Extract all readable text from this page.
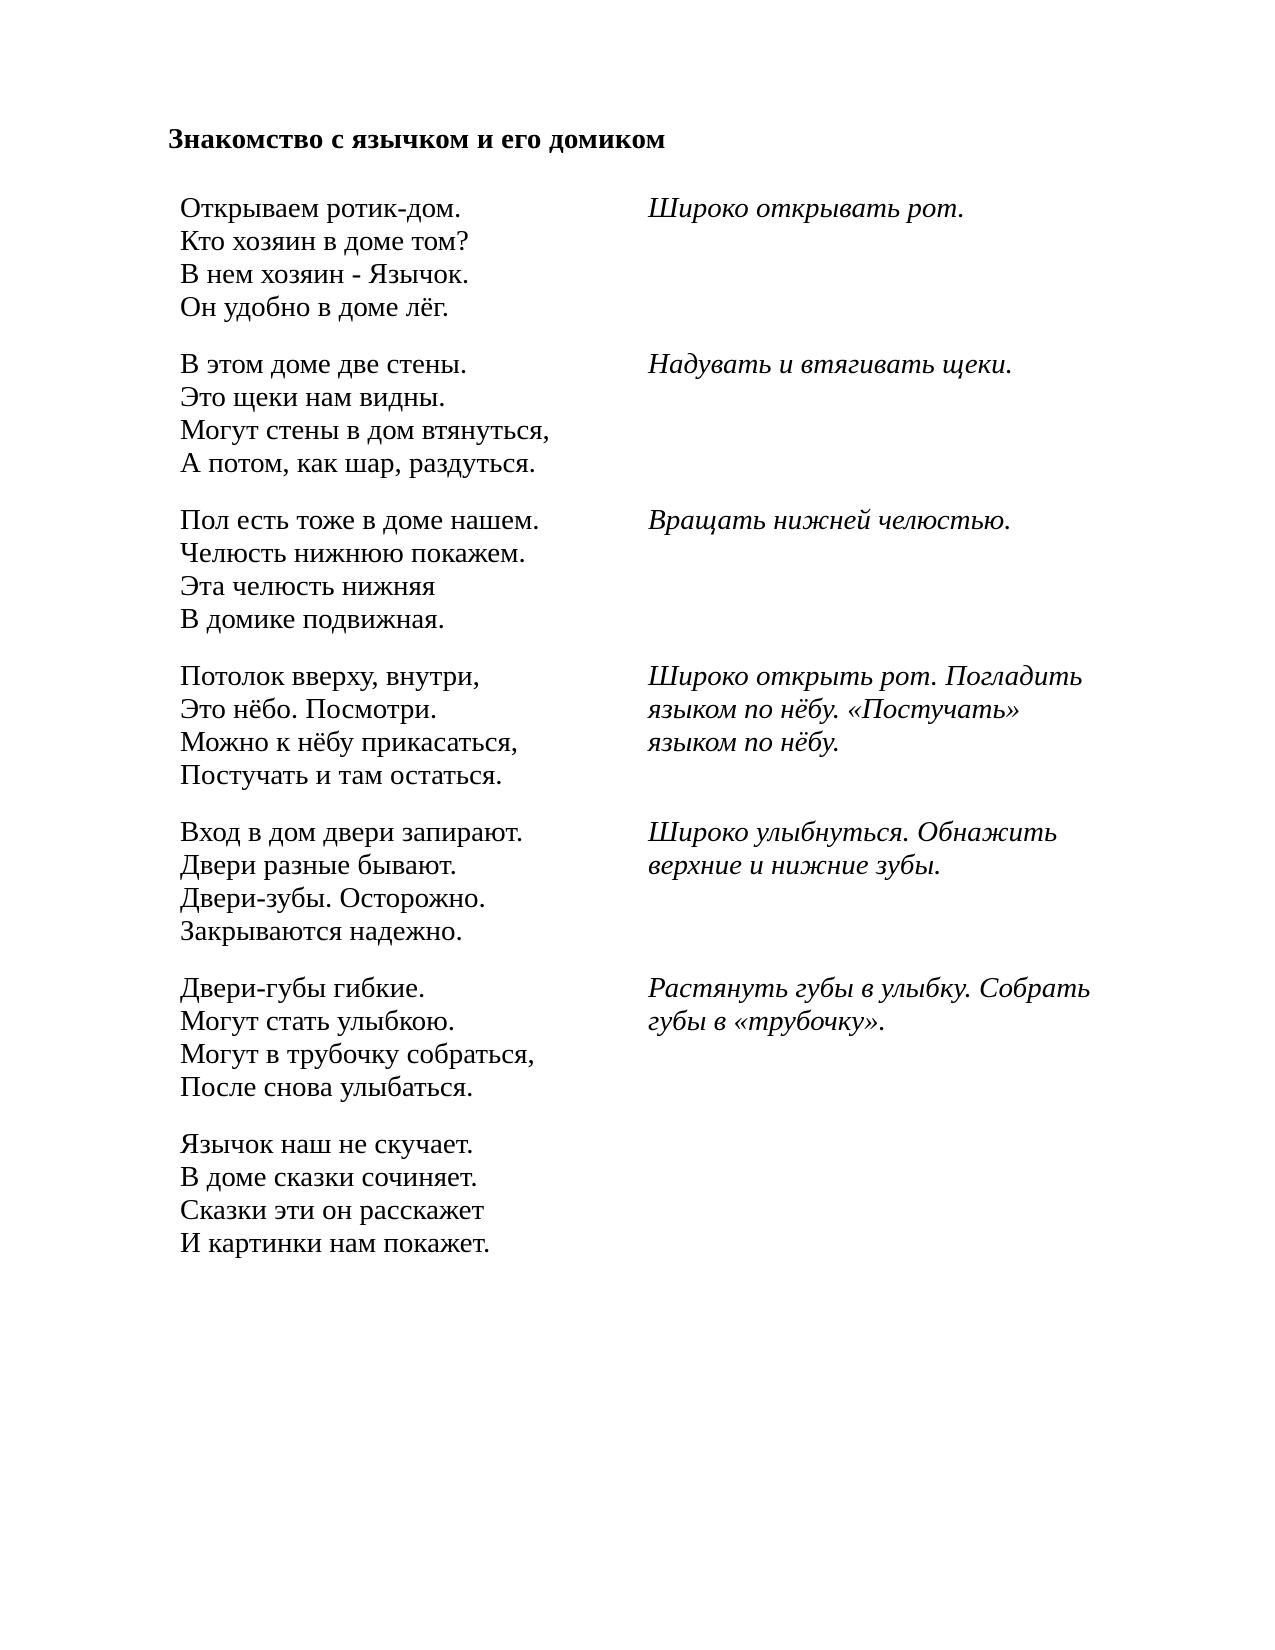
Знакомство с язычком и его домиком
Открываем ротик-дом.
Кто хозяин в доме том?
В нем хозяин - Язычок.
Он удобно в доме лёг.
Широко открывать рот.
В этом доме две стены.
Это щеки нам видны.
Могут стены в дом втянуться,
А потом, как шар, раздуться.
Надувать и втягивать щеки.
Пол есть тоже в доме нашем.
Челюсть нижнюю покажем.
Эта челюсть нижняя
В домике подвижная.
Вращать нижней челюстью.
Потолок вверху, внутри,
Это нёбо. Посмотри.
Можно к нёбу прикасаться,
Постучать и там остаться.
Широко открыть рот. Погладить языком по нёбу. «Постучать» языком по нёбу.
Вход в дом двери запирают.
Двери разные бывают.
Двери-зубы. Осторожно.
Закрываются надежно.
Широко улыбнуться. Обнажить верхние и нижние зубы.
Двери-губы гибкие.
Могут стать улыбкою.
Могут в трубочку собраться,
После снова улыбаться.
Растянуть губы в улыбку. Собрать губы в «трубочку».
Язычок наш не скучает.
В доме сказки сочиняет.
Сказки эти он расскажет
И картинки нам покажет.
